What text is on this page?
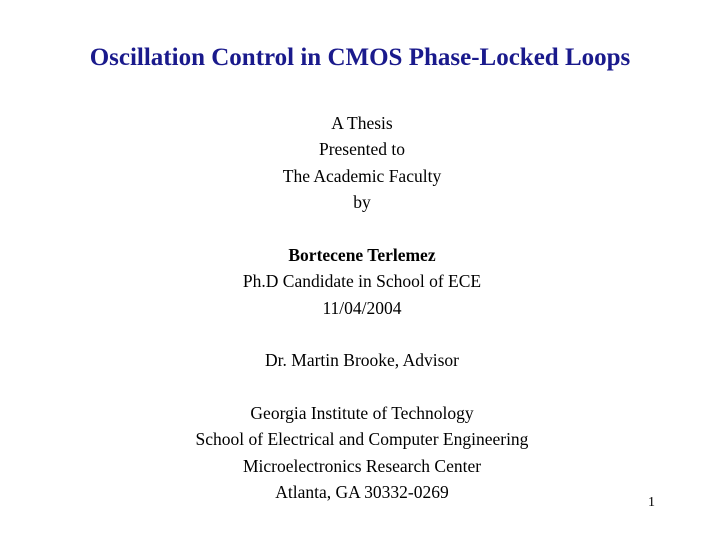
Oscillation Control in CMOS Phase-Locked Loops
A Thesis
Presented to
The Academic Faculty
by
Bortecene Terlemez
Ph.D Candidate in School of ECE
11/04/2004
Dr. Martin Brooke, Advisor
Georgia Institute of Technology
School of Electrical and Computer Engineering
Microelectronics Research Center
Atlanta, GA 30332-0269
1
